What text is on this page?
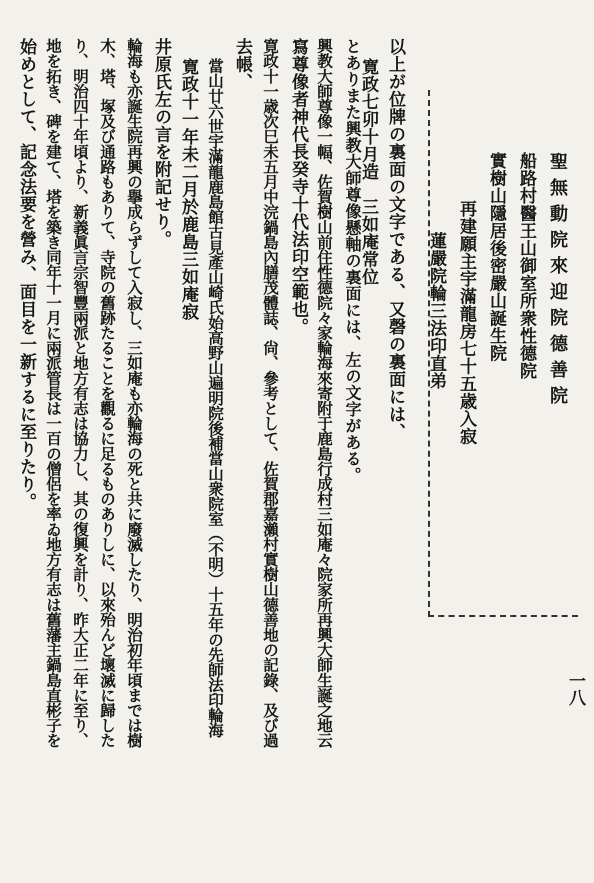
聖無動院來迎院德善院
船路村醫王山御室所衆性德院
實樹山隱居後密嚴山誕生院
再建願主宇滿龍房七十五歳入寂
蓮嚴院輪三法印直弟
以上が位牌の裏面の文字である、又磬の裏面には、
寛政七卯十月造　三如庵常位
とありまた興教大師尊像懸軸の裏面には、左の文字がある。
興教大師尊像一幅、佐賀樹山前住性德院々家輪海來寄附于鹿島行成村三如庵々院家所再興大師生誕之地云
寫尊像者神代長癸寺十代法印空範也。
寛政十一歳次巳未五月中浣鍋島內膳茂體誌、尙、參考として、佐賀郡嘉瀨村實樹山德善地の記錄、及び過
去帳、
當山廿六世宇滿龍鹿島館古見產山崎氏始高野山遍明院後補當山衆院室（不明）十五年の先師法印輪海
寛政十一年未二月於鹿島三如庵寂
井原氏左の言を附記せり。
輪海も亦誕生院再興の擧成らずして入寂し、三如庵も亦輪海の死と共に廢滅したり、明治初年頃までは樹
木、塔、塚及び通路もありて、寺院の舊跡たることを觀るに足るものありしに、以來殆んど壞滅に歸した
り、明治四十年頃より、新義眞言宗智豐兩派と地方有志は協力し、其の復興を計り、昨大正二年に至り、
地を拓き、碑を建て、塔を築き同年十一月に兩派管長は一百の僧侶を率ゐ地方有志は舊藩主鍋島直彬子を
始めとして、記念法要を營み、面目を一新するに至りたり。
一八
